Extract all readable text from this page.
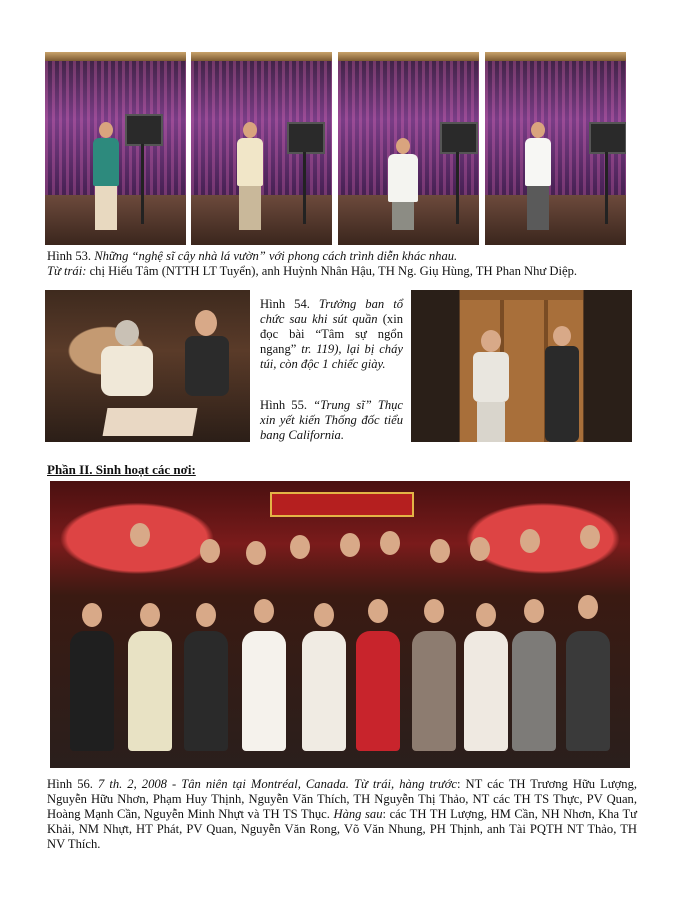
Hình 53. Những “nghệ sĩ cây nhà lá vườn” với phong cách trình diễn khác nhau.
Từ trái: chị Hiếu Tâm (NTTH LT Tuyển), anh Huỳnh Nhân Hậu, TH Ng. Giụ Hùng, TH Phan Như Diệp.
Hình 54. Trưởng ban tổ chức sau khi sút quần (xin đọc bài “Tâm sự ngổn ngang” tr. 119), lại bị cháy túi, còn độc 1 chiếc giày.
Hình 55. “Trung sĩ” Thục xin yết kiến Thống đốc tiểu bang California.
Phần II. Sinh hoạt các nơi:
Hình 56. 7 th. 2, 2008 - Tân niên tại Montréal, Canada. Từ trái, hàng trước: NT các TH Trương Hữu Lượng, Nguyễn Hữu Nhơn, Phạm Huy Thịnh, Nguyễn Văn Thích, TH Nguyễn Thị Thảo, NT các TH TS Thực, PV Quan, Hoàng Mạnh Cần, Nguyễn Minh Nhựt và TH TS Thục. Hàng sau: các TH TH Lượng, HM Cần, NH Nhơn, Kha Tư Khải, NM Nhựt, HT Phát, PV Quan, Nguyễn Văn Rong, Võ Văn Nhung, PH Thịnh, anh Tài PQTH NT Thảo, TH NV Thích.
